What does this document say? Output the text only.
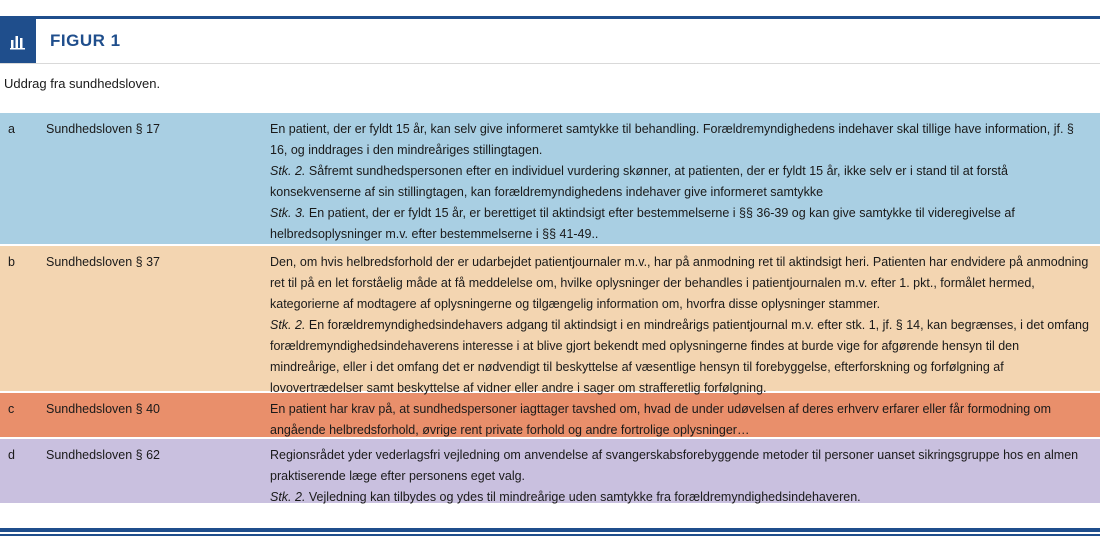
FIGUR 1
Uddrag fra sundhedsloven.
a	Sundhedsloven § 17	En patient, der er fyldt 15 år, kan selv give informeret samtykke til behandling. Forældremyndighedens indehaver skal tillige have information, jf. § 16, og inddrages i den mindreåriges stillingtagen.

Stk. 2. Såfremt sundhedspersonen efter en individuel vurdering skønner, at patienten, der er fyldt 15 år, ikke selv er i stand til at forstå konsekvenserne af sin stillingtagen, kan forældremyndighedens indehaver give informeret samtykke

Stk. 3. En patient, der er fyldt 15 år, er berettiget til aktindsigt efter bestemmelserne i §§ 36-39 og kan give samtykke til videregivelse af helbredsoplysninger m.v. efter bestemmelserne i §§ 41-49..

b	Sundhedsloven § 37	Den, om hvis helbredsforhold der er udarbejdet patientjournaler m.v., har på anmodning ret til aktindsigt heri. Patienten har endvidere på anmodning ret til på en let forståelig måde at få meddelelse om, hvilke oplysninger der behandles i patientjournalen m.v. efter 1. pkt., formålet hermed, kategorierne af modtagere af oplysningerne og tilgængelig information om, hvorfra disse oplysninger stammer.

Stk. 2. En forældremyndighedsindehavers adgang til aktindsigt i en mindreårigs patientjournal m.v. efter stk. 1, jf. § 14, kan begrænses, i det omfang forældremyndighedsindehaverens interesse i at blive gjort bekendt med oplysningerne findes at burde vige for afgørende hensyn til den mindreårige, eller i det omfang det er nødvendigt til beskyttelse af væsentlige hensyn til forebyggelse, efterforskning og forfølgning af lovovertrædelser samt beskyttelse af vidner eller andre i sager om strafferetlig forfølgning.

c	Sundhedsloven § 40	En patient har krav på, at sundhedspersoner iagttager tavshed om, hvad de under udøvelsen af deres erhverv erfarer eller får formodning om angående helbredsforhold, øvrige rent private forhold og andre fortrolige oplysninger…

d	Sundhedsloven § 62	Regionsrådet yder vederlagsfri vejledning om anvendelse af svangerskabsforebyggende metoder til personer uanset sikringsgruppe hos en almen praktiserende læge efter personens eget valg.

Stk. 2. Vejledning kan tilbydes og ydes til mindreårige uden samtykke fra forældremyndighedsindehaveren.
